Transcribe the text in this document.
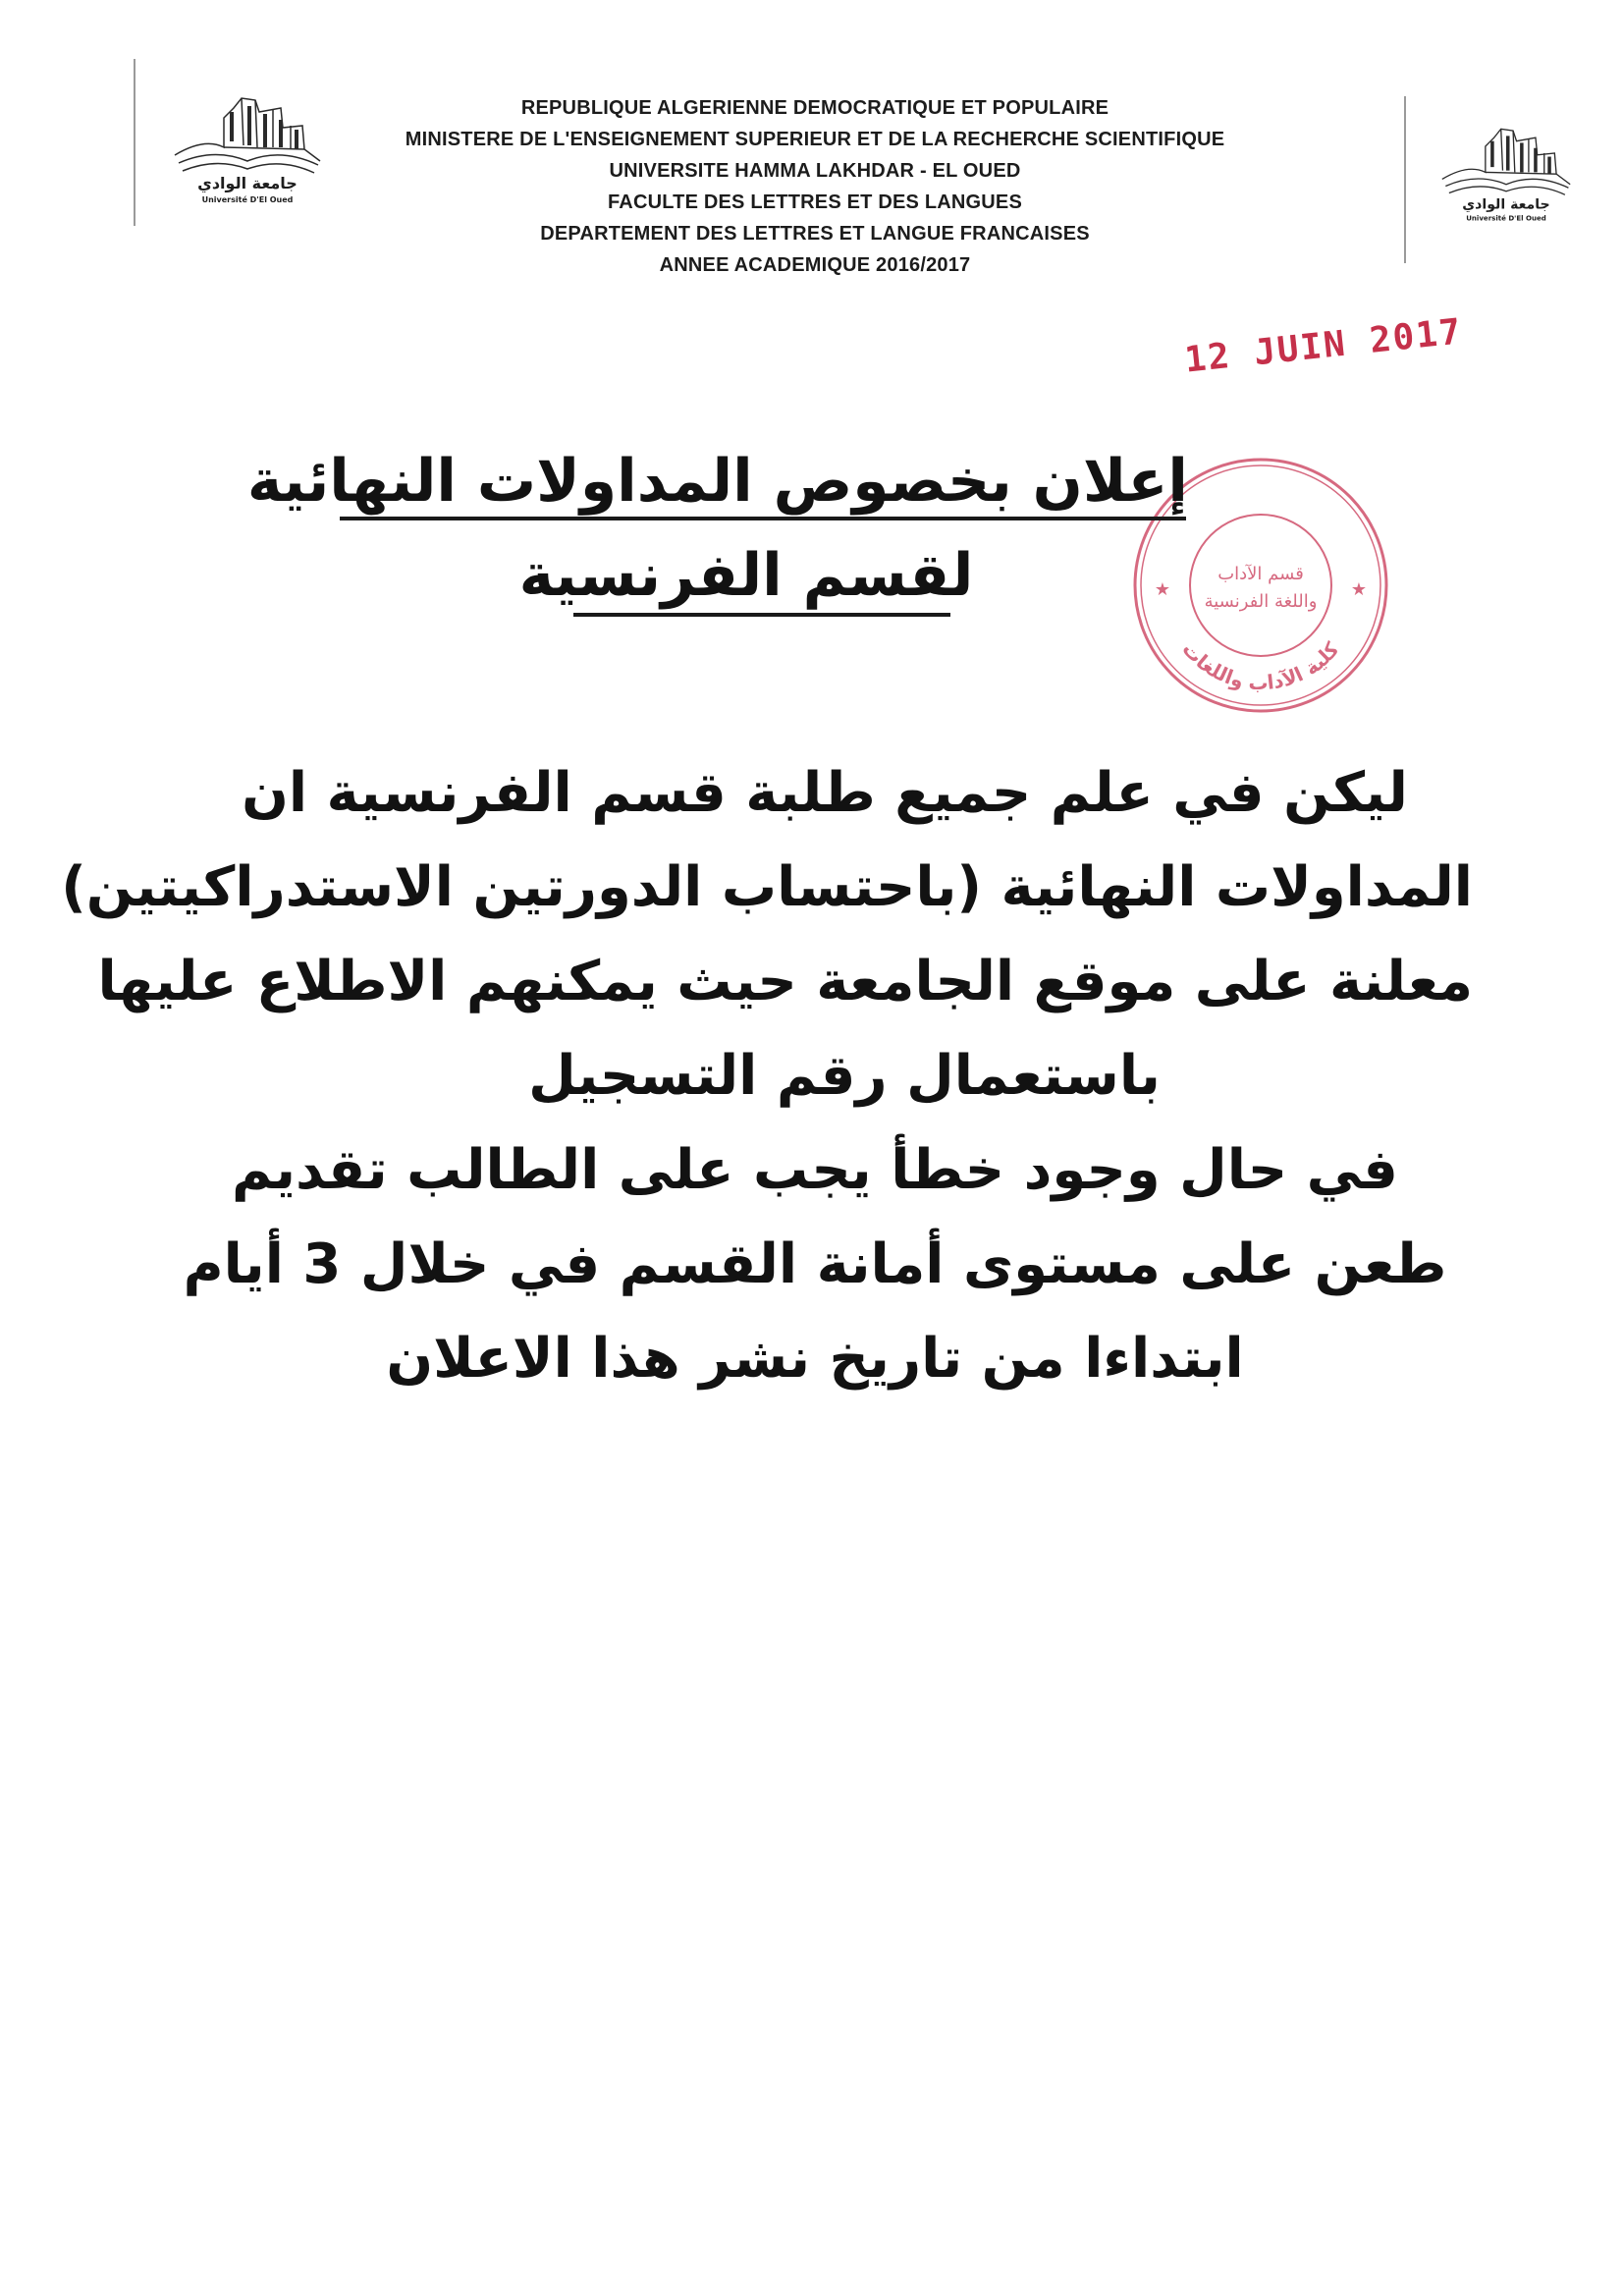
جامعة الوادي
Université D'El Oued	جامعة الوادي
Université D'El Oued
REPUBLIQUE ALGERIENNE DEMOCRATIQUE ET POPULAIRE
MINISTERE DE L'ENSEIGNEMENT SUPERIEUR ET DE LA RECHERCHE SCIENTIFIQUE
UNIVERSITE HAMMA LAKHDAR - EL OUED
FACULTE DES LETTRES ET DES LANGUES
DEPARTEMENT DES LETTRES ET LANGUE FRANCAISES
ANNEE ACADEMIQUE 2016/2017
12 JUIN 2017
كلية الآداب واللغات
قسم الآداب
واللغة الفرنسية
★	★
إعلان بخصوص المداولات النهائية
لقسم الفرنسية
ليكن في علم جميع طلبة قسم الفرنسية ان
المداولات النهائية (باحتساب الدورتين الاستدراكيتين)
معلنة على موقع الجامعة حيث يمكنهم الاطلاع عليها
باستعمال رقم التسجيل
في حال وجود خطأ يجب على الطالب تقديم
طعن على مستوى أمانة القسم في خلال 3 أيام
ابتداءا من تاريخ نشر هذا الاعلان
